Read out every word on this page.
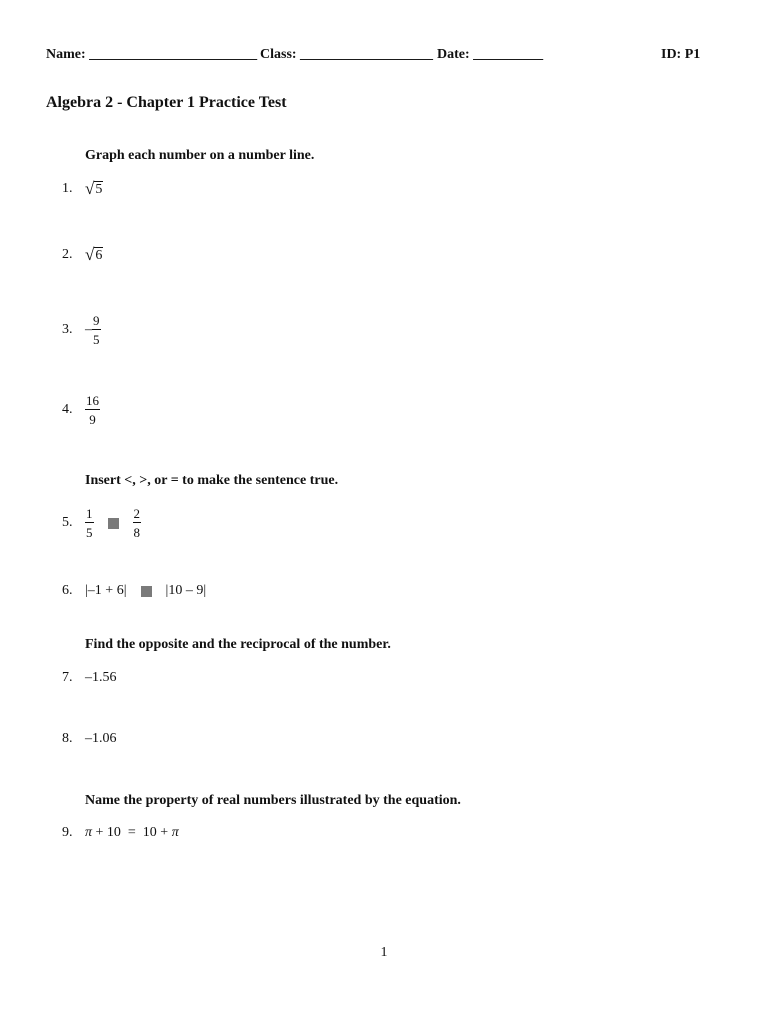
Name: ________________________ Class: ___________________ Date: __________	ID: P1
Algebra 2 - Chapter 1 Practice Test
Graph each number on a number line.
1. √ 5
2. √ 6
3. – $\frac{9}{5}$
4. $\frac{16}{9}$
Insert <, >, or = to make the sentence true.
5. $\frac{1}{5}$	$\frac{2}{8}$
6. |–1 + 6|	|10 – 9|
Find the opposite and the reciprocal of the number.
7. –1.56
8. –1.06
Name the property of real numbers illustrated by the equation.
9. π + 10  =  10 + π
1
